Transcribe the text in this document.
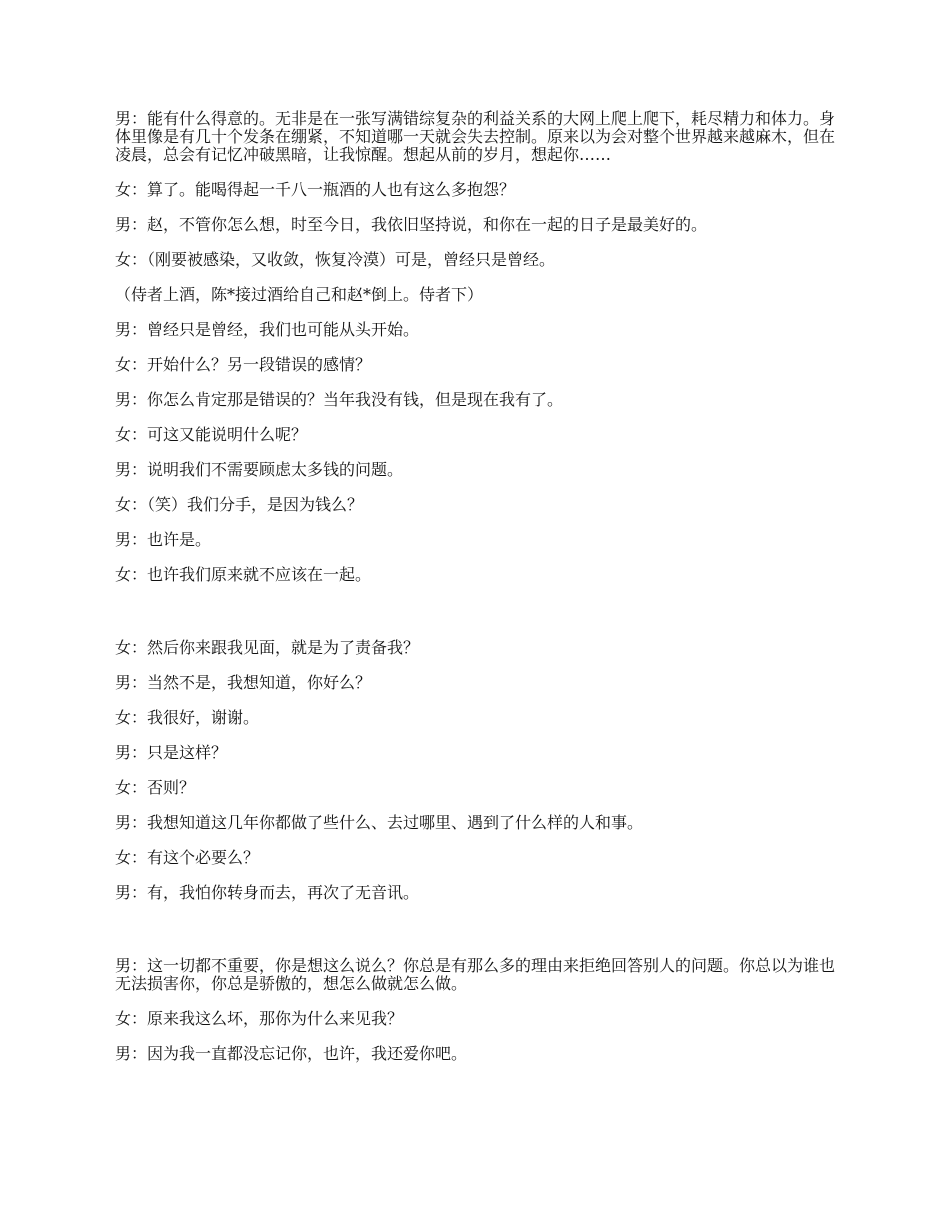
男：能有什么得意的。无非是在一张写满错综复杂的利益关系的大网上爬上爬下，耗尽精力和体力。身体里像是有几十个发条在绷紧，不知道哪一天就会失去控制。原来以为会对整个世界越来越麻木，但在凌晨，总会有记忆冲破黑暗，让我惊醒。想起从前的岁月，想起你……

女：算了。能喝得起一千八一瓶酒的人也有这么多抱怨？

男：赵，不管你怎么想，时至今日，我依旧坚持说，和你在一起的日子是最美好的。

女：（刚要被感染，又收敛，恢复冷漠）可是，曾经只是曾经。

（侍者上酒，陈*接过酒给自己和赵*倒上。侍者下）

男：曾经只是曾经，我们也可能从头开始。

女：开始什么？另一段错误的感情？

男：你怎么肯定那是错误的？当年我没有钱，但是现在我有了。

女：可这又能说明什么呢？

男：说明我们不需要顾虑太多钱的问题。

女：（笑）我们分手，是因为钱么？

男：也许是。

女：也许我们原来就不应该在一起。

女：然后你来跟我见面，就是为了责备我？

男：当然不是，我想知道，你好么？

女：我很好，谢谢。

男：只是这样？

女：否则？

男：我想知道这几年你都做了些什么、去过哪里、遇到了什么样的人和事。

女：有这个必要么？

男：有，我怕你转身而去，再次了无音讯。

男：这一切都不重要，你是想这么说么？你总是有那么多的理由来拒绝回答别人的问题。你总以为谁也无法损害你，你总是骄傲的，想怎么做就怎么做。

女：原来我这么坏，那你为什么来见我？

男：因为我一直都没忘记你，也许，我还爱你吧。
